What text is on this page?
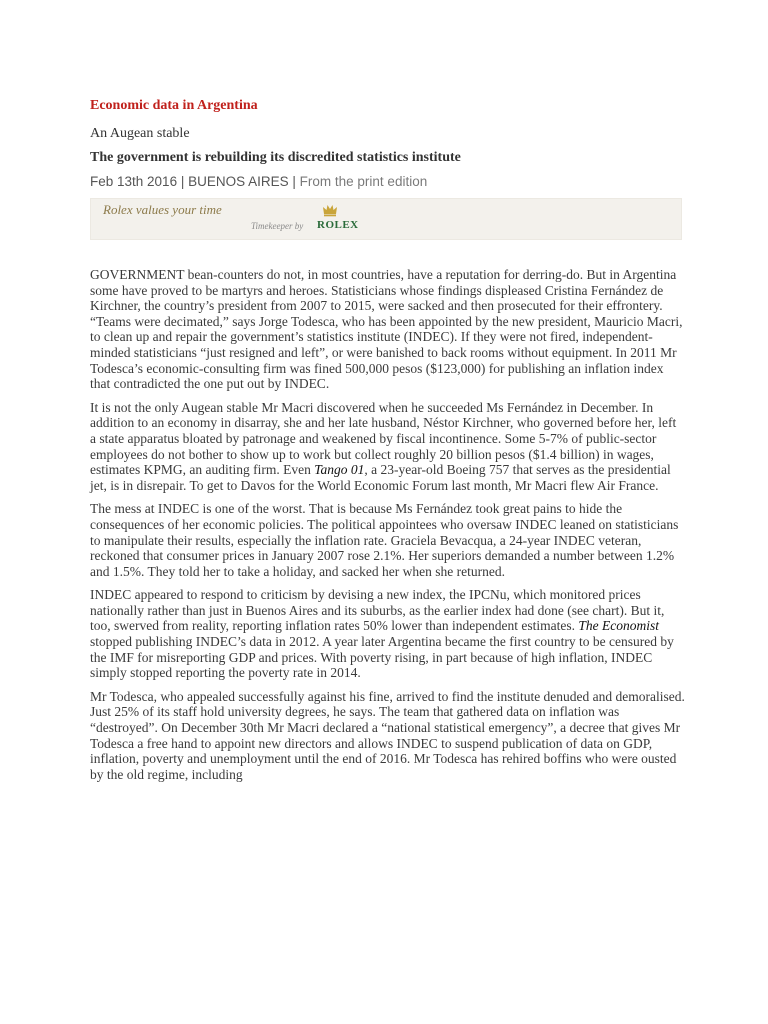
Economic data in Argentina
An Augean stable
The government is rebuilding its discredited statistics institute
Feb 13th 2016 | BUENOS AIRES | From the print edition
Rolex values your time
Timekeeper by ROLEX

GOVERNMENT bean-counters do not, in most countries, have a reputation for derring-do. But in Argentina some have proved to be martyrs and heroes. Statisticians whose findings displeased Cristina Fernández de Kirchner, the country’s president from 2007 to 2015, were sacked and then prosecuted for their effrontery. “Teams were decimated,” says Jorge Todesca, who has been appointed by the new president, Mauricio Macri, to clean up and repair the government’s statistics institute (INDEC). If they were not fired, independent-minded statisticians “just resigned and left”, or were banished to back rooms without equipment. In 2011 Mr Todesca’s economic-consulting firm was fined 500,000 pesos ($123,000) for publishing an inflation index that contradicted the one put out by INDEC.

It is not the only Augean stable Mr Macri discovered when he succeeded Ms Fernández in December. In addition to an economy in disarray, she and her late husband, Néstor Kirchner, who governed before her, left a state apparatus bloated by patronage and weakened by fiscal incontinence. Some 5-7% of public-sector employees do not bother to show up to work but collect roughly 20 billion pesos ($1.4 billion) in wages, estimates KPMG, an auditing firm. Even Tango 01, a 23-year-old Boeing 757 that serves as the presidential jet, is in disrepair. To get to Davos for the World Economic Forum last month, Mr Macri flew Air France.

The mess at INDEC is one of the worst. That is because Ms Fernández took great pains to hide the consequences of her economic policies. The political appointees who oversaw INDEC leaned on statisticians to manipulate their results, especially the inflation rate. Graciela Bevacqua, a 24-year INDEC veteran, reckoned that consumer prices in January 2007 rose 2.1%. Her superiors demanded a number between 1.2% and 1.5%. They told her to take a holiday, and sacked her when she returned.

INDEC appeared to respond to criticism by devising a new index, the IPCNu, which monitored prices nationally rather than just in Buenos Aires and its suburbs, as the earlier index had done (see chart). But it, too, swerved from reality, reporting inflation rates 50% lower than independent estimates. The Economist stopped publishing INDEC’s data in 2012. A year later Argentina became the first country to be censured by the IMF for misreporting GDP and prices. With poverty rising, in part because of high inflation, INDEC simply stopped reporting the poverty rate in 2014.

Mr Todesca, who appealed successfully against his fine, arrived to find the institute denuded and demoralised. Just 25% of its staff hold university degrees, he says. The team that gathered data on inflation was “destroyed”. On December 30th Mr Macri declared a “national statistical emergency”, a decree that gives Mr Todesca a free hand to appoint new directors and allows INDEC to suspend publication of data on GDP, inflation, poverty and unemployment until the end of 2016. Mr Todesca has rehired boffins who were ousted by the old regime, including
